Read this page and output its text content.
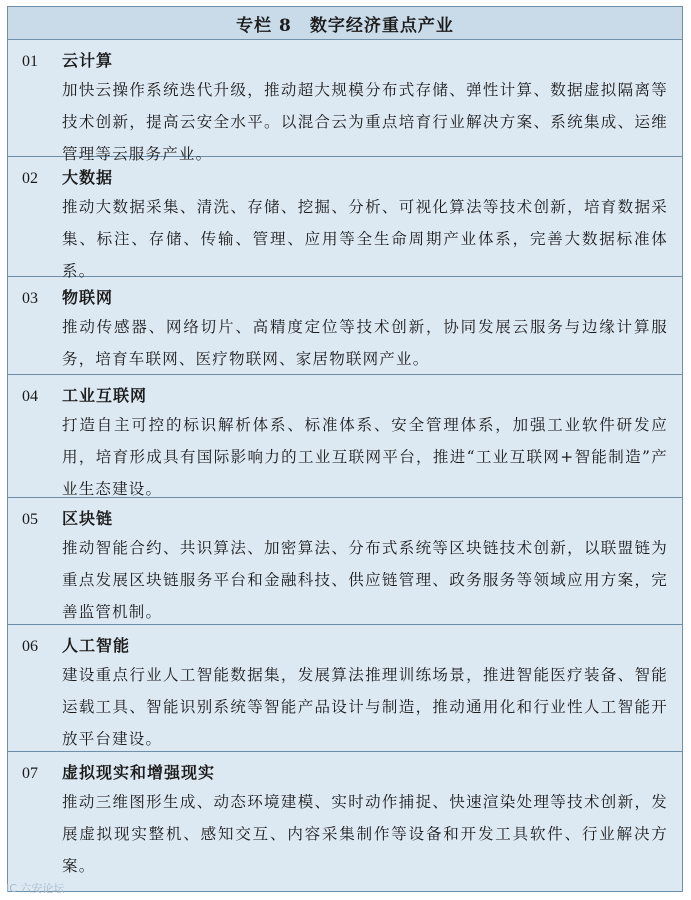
专栏 8　数字经济重点产业
01	云计算
加快云操作系统迭代升级，推动超大规模分布式存储、弹性计算、数据虚拟隔离等技术创新，提高云安全水平。以混合云为重点培育行业解决方案、系统集成、运维管理等云服务产业。
02	大数据
推动大数据采集、清洗、存储、挖掘、分析、可视化算法等技术创新，培育数据采集、标注、存储、传输、管理、应用等全生命周期产业体系，完善大数据标准体系。
03	物联网
推动传感器、网络切片、高精度定位等技术创新，协同发展云服务与边缘计算服务，培育车联网、医疗物联网、家居物联网产业。
04	工业互联网
打造自主可控的标识解析体系、标准体系、安全管理体系，加强工业软件研发应用，培育形成具有国际影响力的工业互联网平台，推进“工业互联网+智能制造”产业生态建设。
05	区块链
推动智能合约、共识算法、加密算法、分布式系统等区块链技术创新，以联盟链为重点发展区块链服务平台和金融科技、供应链管理、政务服务等领域应用方案，完善监管机制。
06	人工智能
建设重点行业人工智能数据集，发展算法推理训练场景，推进智能医疗装备、智能运载工具、智能识别系统等智能产品设计与制造，推动通用化和行业性人工智能开放平台建设。
07	虚拟现实和增强现实
推动三维图形生成、动态环境建模、实时动作捕捉、快速渲染处理等技术创新，发展虚拟现实整机、感知交互、内容采集制作等设备和开发工具软件、行业解决方案。
IC 六安论坛
